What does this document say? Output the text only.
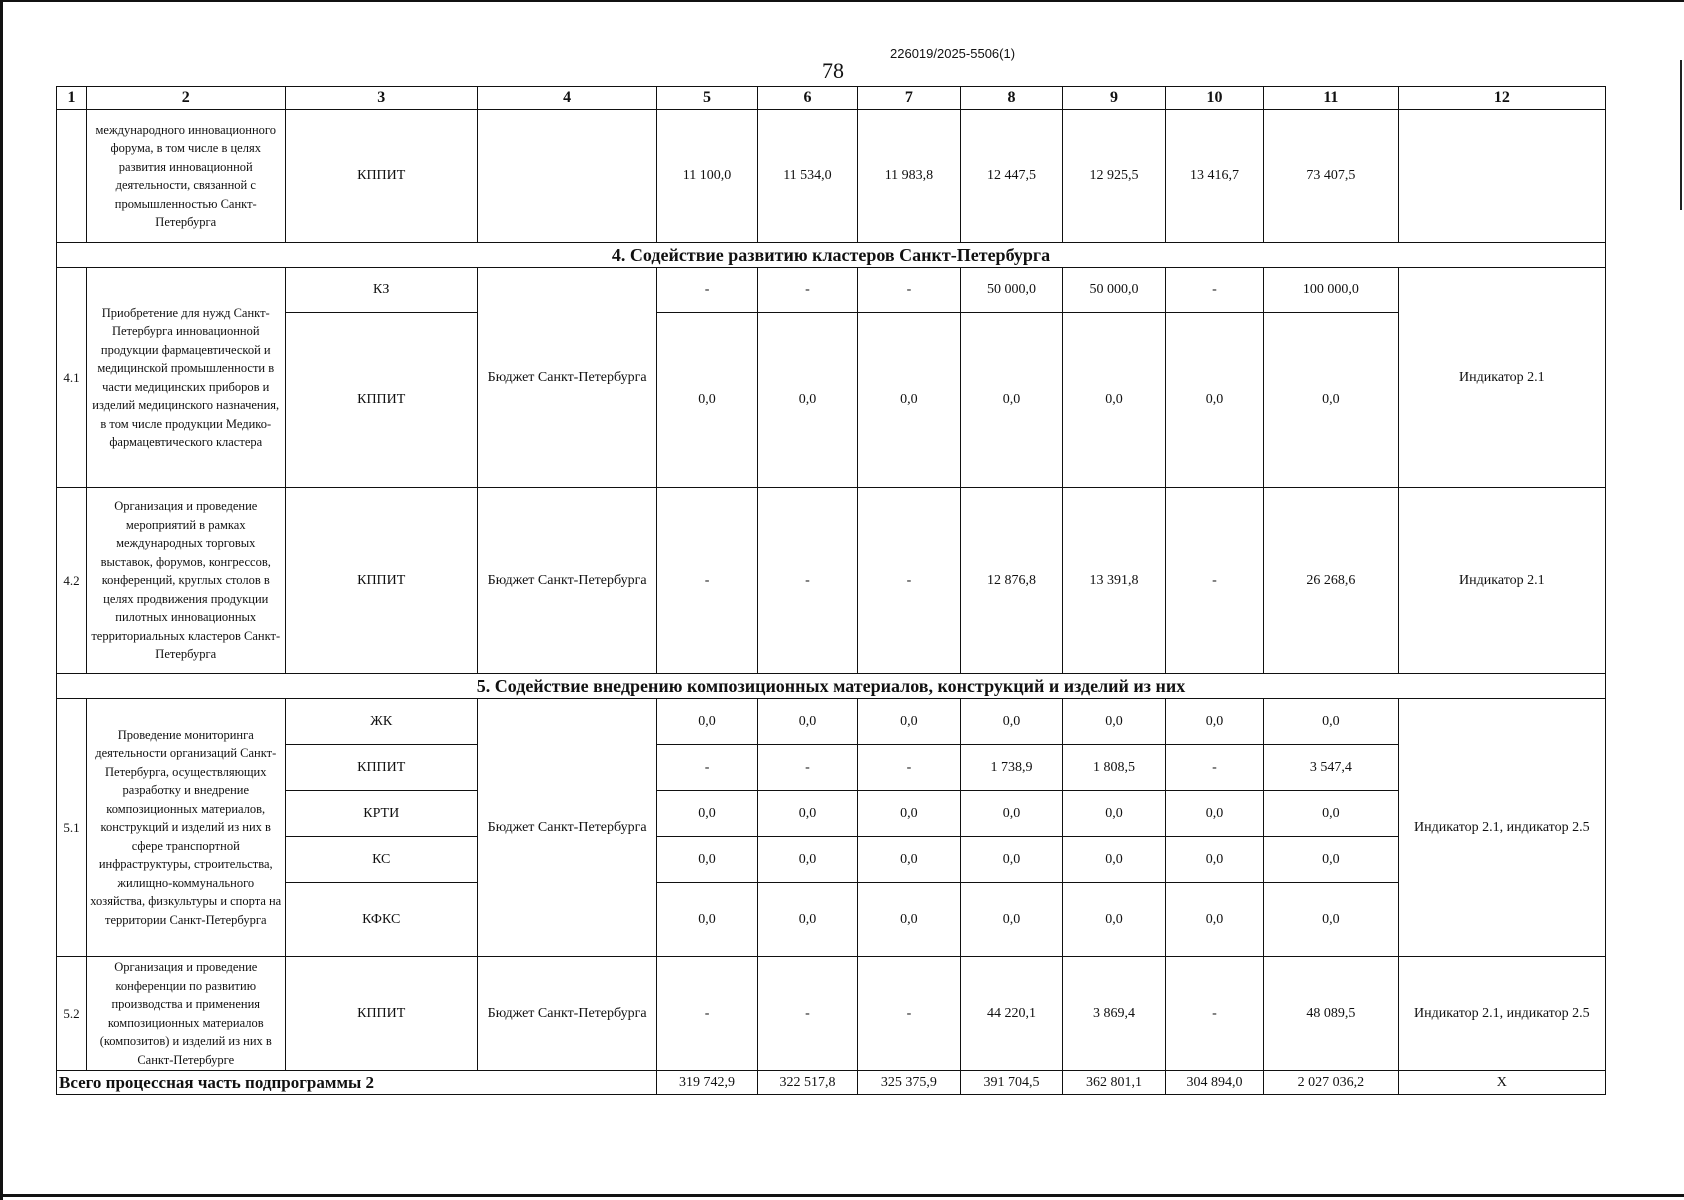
226019/2025-5506(1)
78
1	2	3	4	5	6	7	8	9	10	11	12
	международного инновационного форума, в том числе в целях развития инновационной деятельности, связанной с промышленностью Санкт-Петербурга	КППИТ		11 100,0	11 534,0	11 983,8	12 447,5	12 925,5	13 416,7	73 407,5	
4. Содействие развитию кластеров Санкт-Петербурга											
4.1	Приобретение для нужд Санкт-Петербурга инновационной продукции фармацевтической и медицинской промышленности в части медицинских приборов и изделий медицинского назначения, в том числе продукции Медико-фармацевтического кластера	КЗ	Бюджет Санкт-Петербурга	-	-	-	50 000,0	50 000,0	-	100 000,0	Индикатор 2.1
		КППИТ		0,0	0,0	0,0	0,0	0,0	0,0	0,0	
4.2	Организация и проведение мероприятий в рамках международных торговых выставок, форумов, конгрессов, конференций, круглых столов в целях продвижения продукции пилотных инновационных территориальных кластеров Санкт-Петербурга	КППИТ	Бюджет Санкт-Петербурга	-	-	-	12 876,8	13 391,8	-	26 268,6	Индикатор 2.1
5. Содействие внедрению композиционных материалов, конструкций и изделий из них											
5.1	Проведение мониторинга деятельности организаций Санкт-Петербурга, осуществляющих разработку и внедрение композиционных материалов, конструкций и изделий из них в сфере транспортной инфраструктуры, строительства, жилищно-коммунального хозяйства, физкультуры и спорта на территории Санкт-Петербурга	ЖК	Бюджет Санкт-Петербурга	0,0	0,0	0,0	0,0	0,0	0,0	0,0	Индикатор 2.1, индикатор 2.5
		КППИТ		-	-	-	1 738,9	1 808,5	-	3 547,4	
		КРТИ		0,0	0,0	0,0	0,0	0,0	0,0	0,0	
		КС		0,0	0,0	0,0	0,0	0,0	0,0	0,0	
		КФКС		0,0	0,0	0,0	0,0	0,0	0,0	0,0	
5.2	Организация и проведение конференции по развитию производства и применения композиционных материалов (композитов) и изделий из них в Санкт-Петербурге	КППИТ	Бюджет Санкт-Петербурга	-	-	-	44 220,1	3 869,4	-	48 089,5	Индикатор 2.1, индикатор 2.5
Всего процессная часть подпрограммы 2				319 742,9	322 517,8	325 375,9	391 704,5	362 801,1	304 894,0	2 027 036,2	X
